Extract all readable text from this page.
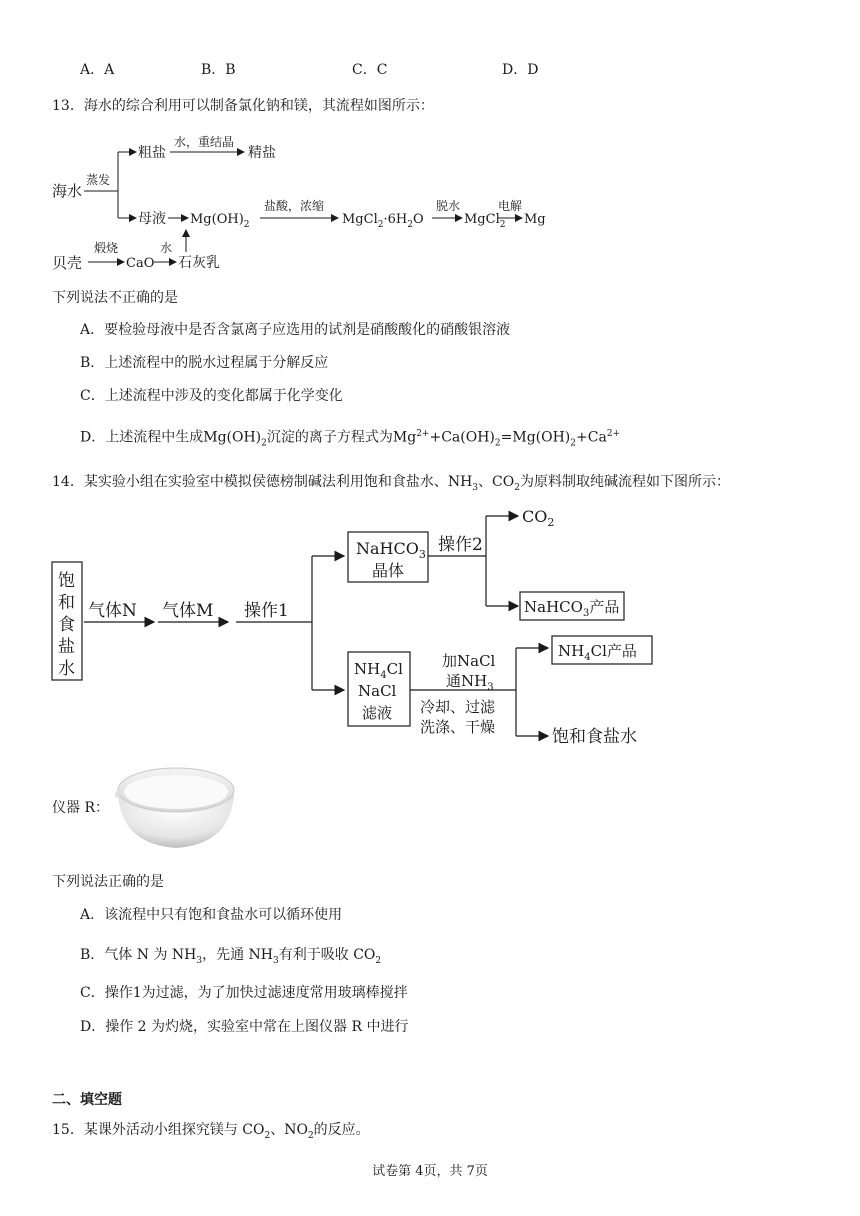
A．A	B．B	C．C	D．D
13．海水的综合利用可以制备氯化钠和镁，其流程如图所示：
海水
蒸发
粗盐
水，重结晶
精盐
母液 $Mg(OH)_2$
盐酸，浓缩
$MgCl_2\cdot 6H_2O$
脱水
MgCl$_2$
电解
Mg
贝壳
煅烧
CaO
水
石灰乳
下列说法不正确的是
A．要检验母液中是否含氯离子应选用的试剂是硝酸酸化的硝酸银溶液
B．上述流程中的脱水过程属于分解反应
C．上述流程中涉及的变化都属于化学变化
D．上述流程中生成$Mg(OH)_2$沉淀的离子方程式为$Mg^{2+}+Ca(OH)_2=Mg(OH)_2+Ca^{2+}$
14．某实验小组在实验室中模拟侯德榜制碱法利用饱和食盐水、$NH_3$、$CO_2$为原料制取纯碱流程如下图所示：
饱
和
食
盐
水
气体N 气体M 操作1
NaHCO$_3$
晶体
操作2
$CO_2$
NaHCO$_3$产品
$NH_4Cl$
NaCl
滤液
加NaCl
通$NH_3$
冷却、过滤
洗涤、干燥
$NH_4Cl$产品
饱和食盐水
仪器 R：
下列说法正确的是
A．该流程中只有饱和食盐水可以循环使用
B．气体 N 为 $NH_3$，先通 $NH_3$有利于吸收 $CO_2$
C．操作1为过滤，为了加快过滤速度常用玻璃棒搅拌
D．操作 2 为灼烧，实验室中常在上图仪器 R 中进行
二、填空题
15．某课外活动小组探究镁与 $CO_2$、$NO_2$的反应。
试卷第 4页，共 7页
